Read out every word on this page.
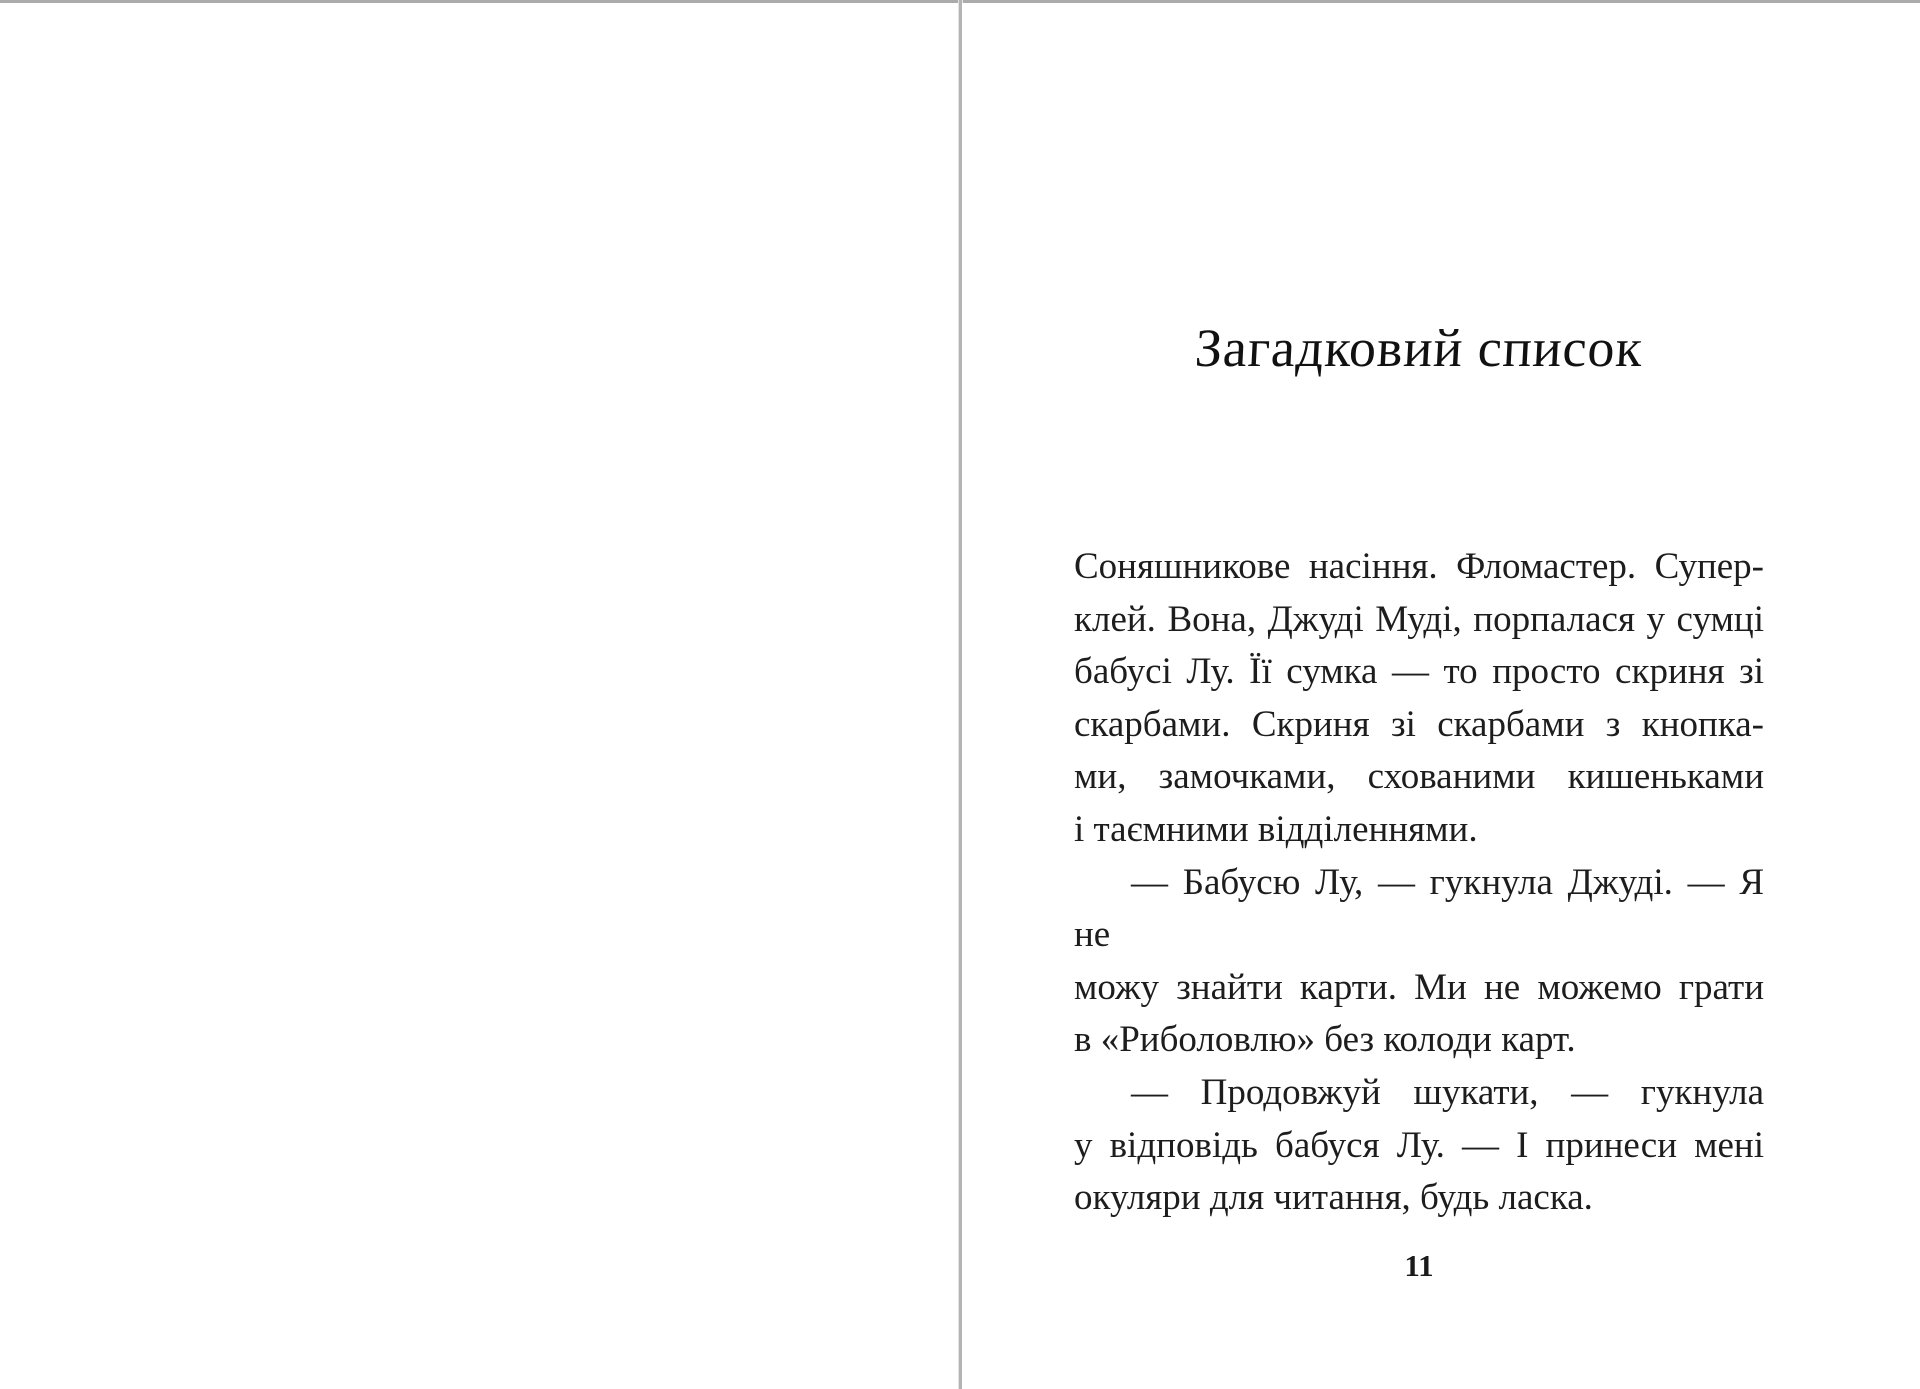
Загадковий список
Соняшникове насіння. Фломастер. Супер-
клей. Вона, Джуді Муді, порпалася у сумці
бабусі Лу. Її сумка — то просто скриня зі
скарбами. Скриня зі скарбами з кнопка-
ми, замочками, схованими кишеньками
і таємними відділеннями.
— Бабусю Лу, — гукнула Джуді. — Я не
можу знайти карти. Ми не можемо грати
в «Риболовлю» без колоди карт.
— Продовжуй шукати, — гукнула
у відповідь бабуся Лу. — І принеси мені
окуляри для читання, будь ласка.
11
